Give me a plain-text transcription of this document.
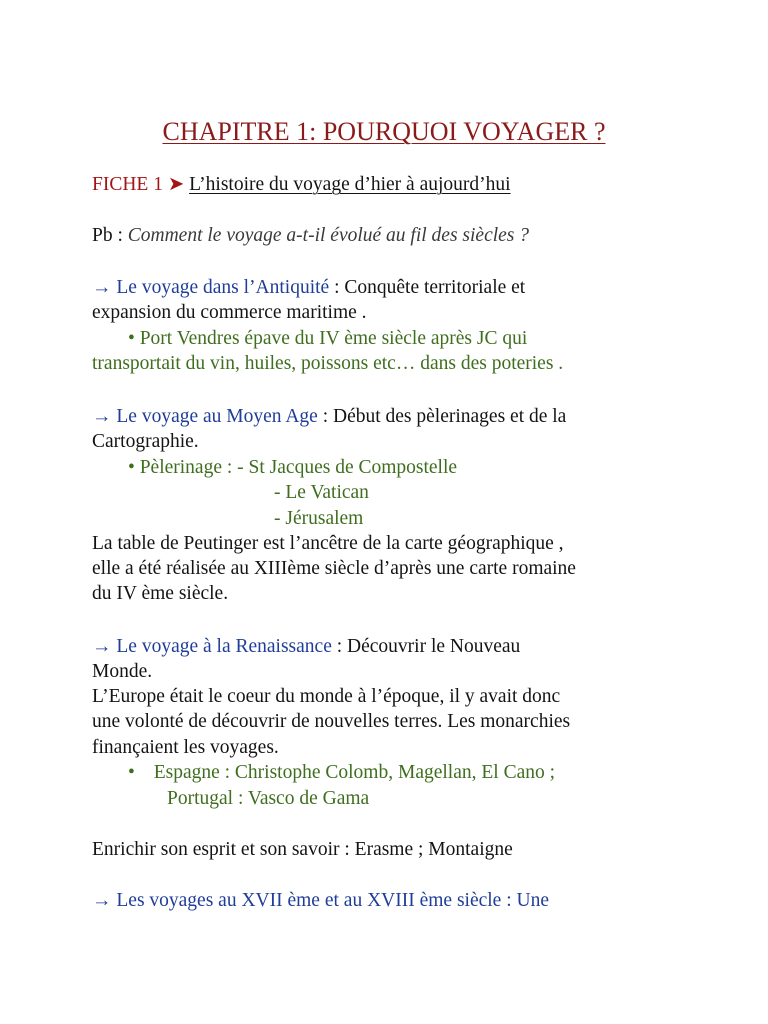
CHAPITRE 1: POURQUOI VOYAGER ?
FICHE 1 ➤ L’histoire du voyage d’hier à aujourd’hui
Pb : Comment le voyage a-t-il évolué au fil des siècles ?
→ Le voyage dans l’Antiquité : Conquête territoriale et
expansion du commerce maritime .
• Port Vendres épave du IV ème siècle après JC qui
transportait du vin, huiles, poissons etc… dans des poteries .
→ Le voyage au Moyen Age : Début des pèlerinages et de la
Cartographie.
• Pèlerinage : - St Jacques de Compostelle
- Le Vatican
- Jérusalem
La table de Peutinger est l’ancêtre de la carte géographique ,
elle a été réalisée au XIIIème siècle d’après une carte romaine
du IV ème siècle.
→ Le voyage à la Renaissance : Découvrir le Nouveau
Monde.
L’Europe était le coeur du monde à l’époque, il y avait donc
une volonté de découvrir de nouvelles terres. Les monarchies
finançaient les voyages.
• Espagne : Christophe Colomb, Magellan, El Cano ;
Portugal : Vasco de Gama
Enrichir son esprit et son savoir : Erasme ; Montaigne
→ Les voyages au XVII ème et au XVIII ème siècle : Une
